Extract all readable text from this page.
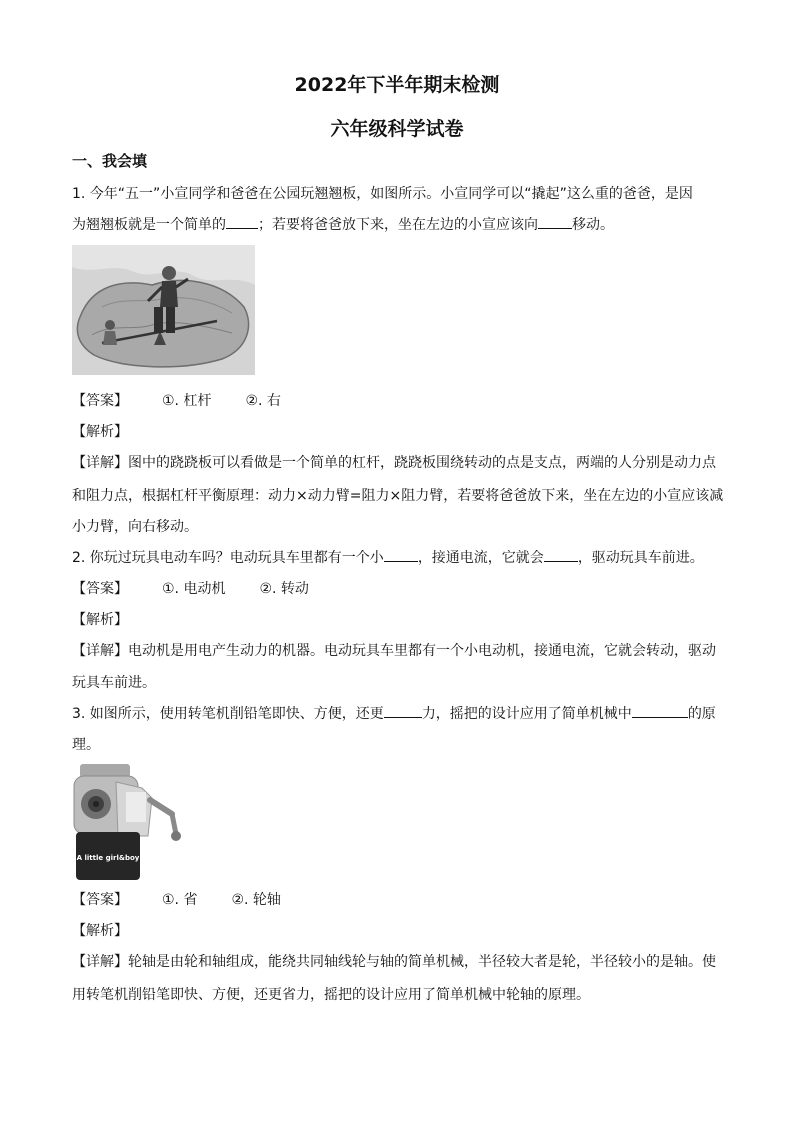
2022年下半年期末检测
六年级科学试卷
一、我会填
1. 今年“五一”小宣同学和爸爸在公园玩翘翘板，如图所示。小宣同学可以“撬起”这么重的爸爸，是因
为翘翘板就是一个简单的 ；若要将爸爸放下来，坐在左边的小宣应该向 移动。
【答案】 ①. 杠杆 ②. 右
【解析】
【详解】图中的跷跷板可以看做是一个简单的杠杆，跷跷板围绕转动的点是支点，两端的人分别是动力点
和阻力点，根据杠杆平衡原理：动力×动力臂=阻力×阻力臂，若要将爸爸放下来，坐在左边的小宣应该减
小力臂，向右移动。
2. 你玩过玩具电动车吗？电动玩具车里都有一个小 ，接通电流，它就会 ，驱动玩具车前进。
【答案】 ①. 电动机 ②. 转动
【解析】
【详解】电动机是用电产生动力的机器。电动玩具车里都有一个小电动机，接通电流，它就会转动，驱动
玩具车前进。
3. 如图所示，使用转笔机削铅笔即快、方便，还更	力，摇把的设计应用了简单机械中	的原
理。
A little girl&boy
【答案】 ①. 省 ②. 轮轴
【解析】
【详解】轮轴是由轮和轴组成，能绕共同轴线轮与轴的简单机械，半径较大者是轮，半径较小的是轴。使
用转笔机削铅笔即快、方便，还更省力，摇把的设计应用了简单机械中轮轴的原理。
